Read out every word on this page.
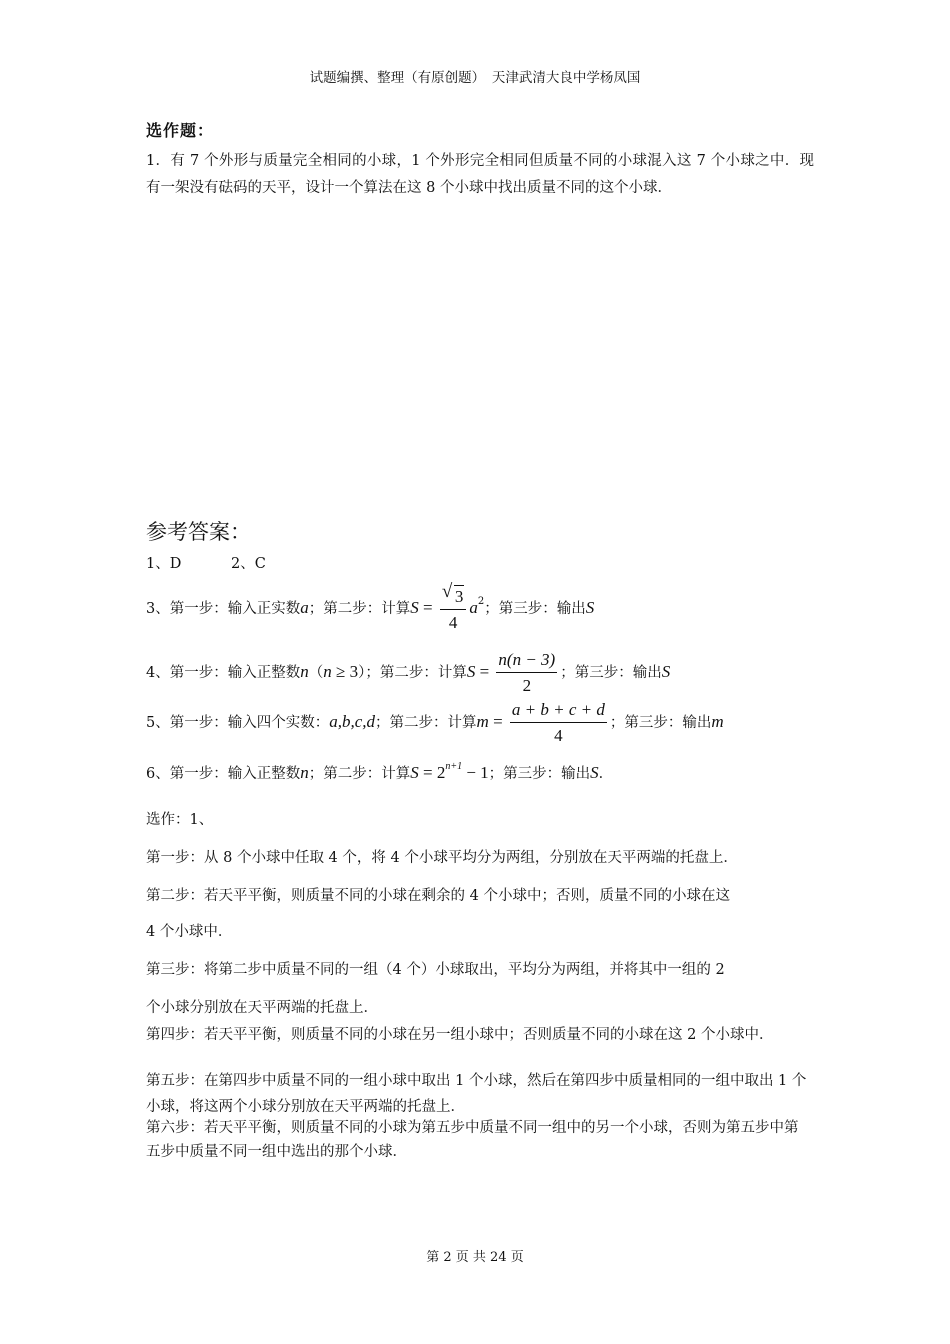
试题编撰、整理（有原创题）　天津武清大良中学杨凤国
选作题：
1．有 7 个外形与质量完全相同的小球，1 个外形完全相同但质量不同的小球混入这 7 个小球之中．现有一架没有砝码的天平，设计一个算法在这 8 个小球中找出质量不同的这个小球．
参考答案：
1、D	2、C
3、第一步：输入正实数a；第二步：计算$S = \frac{√ 3}{4} a^2$；第三步：输出S
4、第一步：输入正整数n（n ≥ 3）；第二步：计算$S = \frac{n(n - 3)}{2}$ ；第三步：输出S
5、第一步：输入四个实数：a,b,c,d；第二步：计算$m = \frac{a + b + c + d}{4}$ ；第三步：输出m
6、第一步：输入正整数n；第二步：计算$S = 2^{n+1} - 1$；第三步：输出S．
选作：1、
第一步：从 8 个小球中任取 4 个，将 4 个小球平均分为两组，分别放在天平两端的托盘上．
第二步：若天平平衡，则质量不同的小球在剩余的 4 个小球中；否则，质量不同的小球在这
4 个小球中．
第三步：将第二步中质量不同的一组（4 个）小球取出，平均分为两组，并将其中一组的 2
个小球分别放在天平两端的托盘上．
第四步：若天平平衡，则质量不同的小球在另一组小球中；否则质量不同的小球在这 2 个小球中．
第五步：在第四步中质量不同的一组小球中取出 1 个小球，然后在第四步中质量相同的一组中取出 1 个小球，将这两个小球分别放在天平两端的托盘上．
第六步：若天平平衡，则质量不同的小球为第五步中质量不同一组中的另一个小球，否则为第五步中第五步中质量不同一组中选出的那个小球．
第 2 页 共 24 页
